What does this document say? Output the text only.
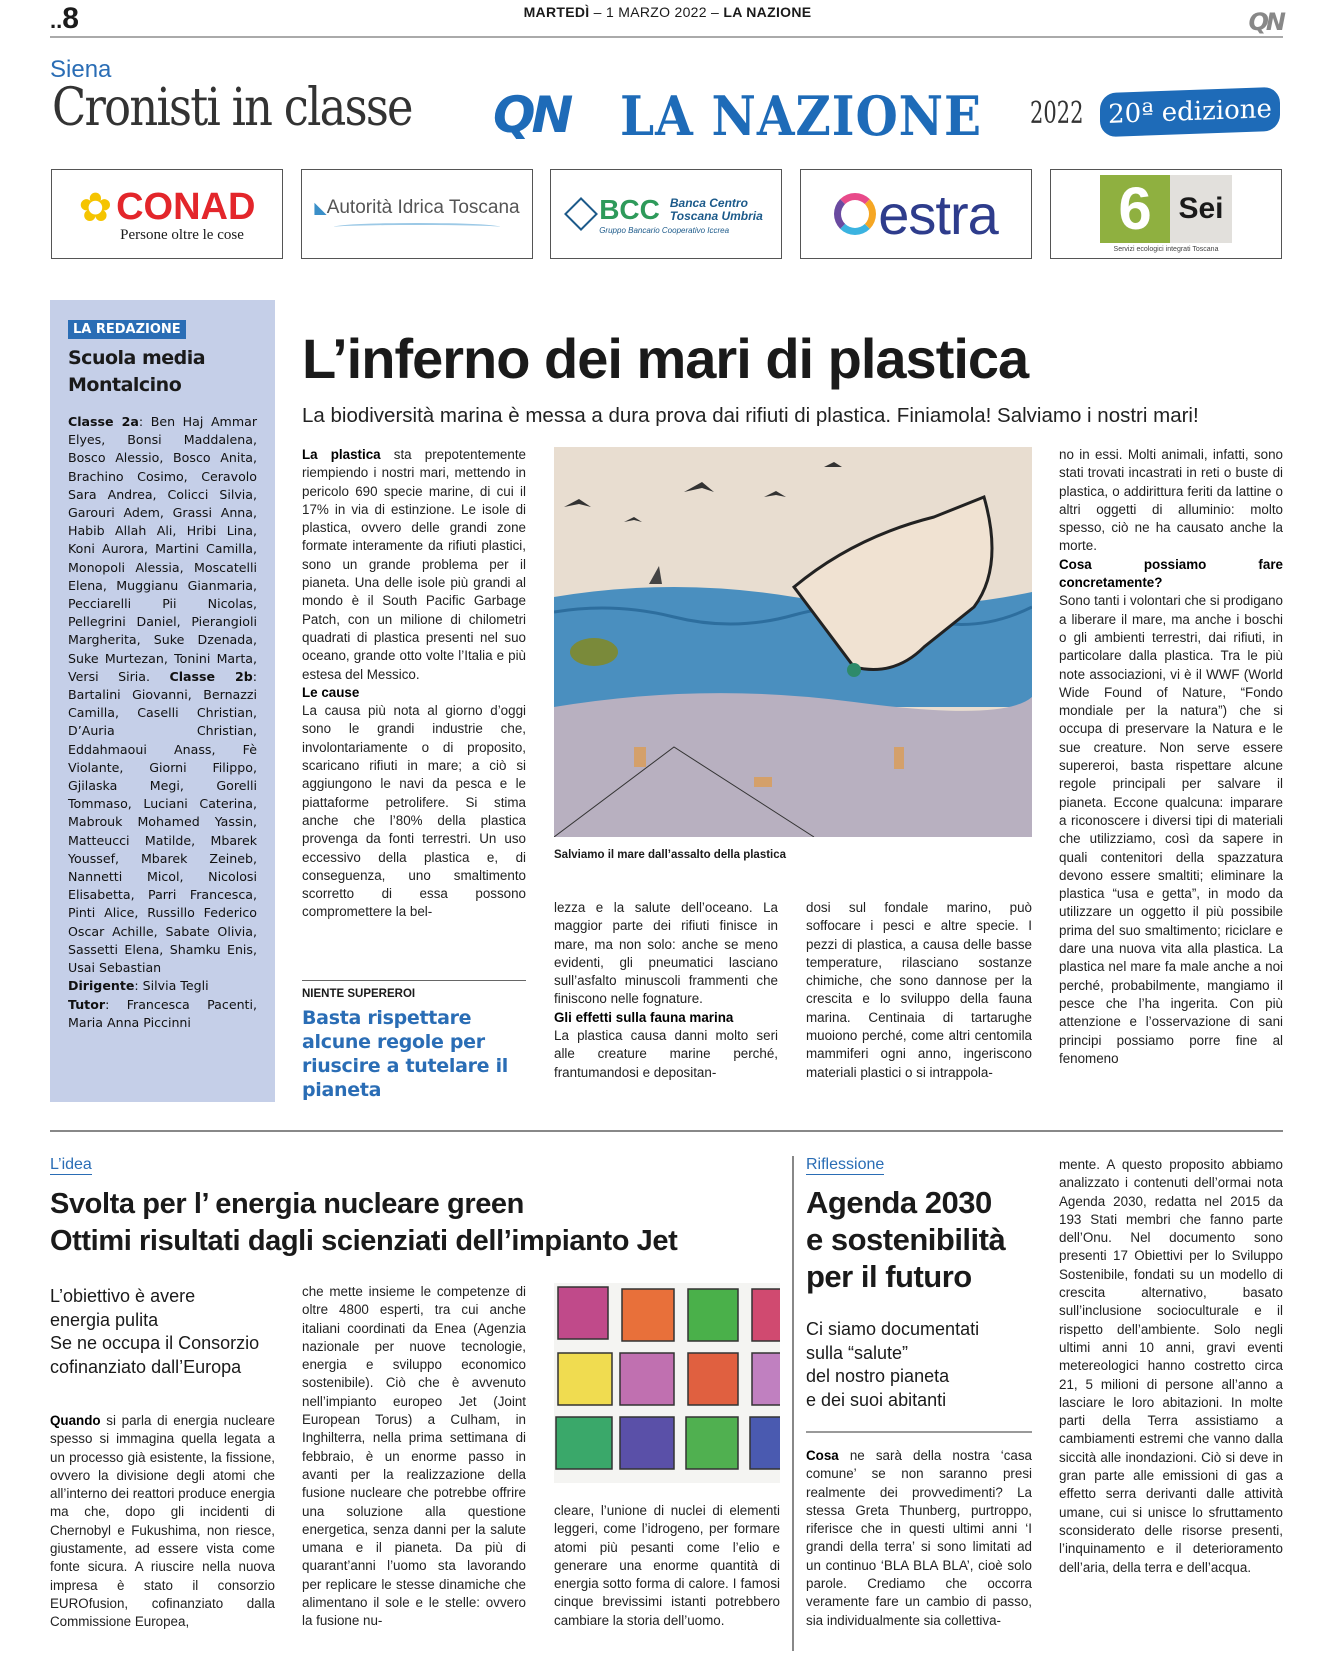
..8	MARTEDÌ – 1 MARZO 2022 – LA NAZIONE	QN
Siena
Cronisti in classe QN LA NAZIONE 2022 20ª edizione
✿ CONAD
Persone oltre le cose
◣Autorità Idrica Toscana	BCC Banca Centro
Toscana Umbria
Gruppo Bancario Cooperativo Iccrea	estra	6 Sei
Servizi ecologici integrati Toscana
LA REDAZIONE
Scuola media Montalcino
Classe 2a: Ben Haj Ammar Elyes, Bonsi Maddalena, Bosco Alessio, Bosco Anita, Brachino Cosimo, Ceravolo Sara Andrea, Colicci Silvia, Garouri Adem, Grassi Anna, Habib Allah Ali, Hribi Lina, Koni Aurora, Martini Camilla, Monopoli Alessia, Moscatelli Elena, Muggianu Gianmaria, Pecciarelli Pii Nicolas, Pellegrini Daniel, Pierangioli Margherita, Suke Dzenada, Suke Murtezan, Tonini Marta, Versi Siria. Classe 2b: Bartalini Giovanni, Bernazzi Camilla, Caselli Christian, D’Auria Christian, Eddahmaoui Anass, Fè Violante, Giorni Filippo, Gjilaska Megi, Gorelli Tommaso, Luciani Caterina, Mabrouk Mohamed Yassin, Matteucci Matilde, Mbarek Youssef, Mbarek Zeineb, Nannetti Micol, Nicolosi Elisabetta, Parri Francesca, Pinti Alice, Russillo Federico Oscar Achille, Sabate Olivia, Sassetti Elena, Shamku Enis, Usai Sebastian
Dirigente: Silvia Tegli
Tutor: Francesca Pacenti, Maria Anna Piccinni
L’inferno dei mari di plastica
La biodiversità marina è messa a dura prova dai rifiuti di plastica. Finiamola! Salviamo i nostri mari!
La plastica sta prepotentemente riempiendo i nostri mari, mettendo in pericolo 690 specie marine, di cui il 17% in via di estinzione. Le isole di plastica, ovvero delle grandi zone formate interamente da rifiuti plastici, sono un grande problema per il pianeta. Una delle isole più grandi al mondo è il South Pacific Garbage Patch, con un milione di chilometri quadrati di plastica presenti nel suo oceano, grande otto volte l’Italia e più estesa del Messico.
Le cause
La causa più nota al giorno d’oggi sono le grandi industrie che, involontariamente o di proposito, scaricano rifiuti in mare; a ciò si aggiungono le navi da pesca e le piattaforme petrolifere. Si stima anche che l’80% della plastica provenga da fonti terrestri. Un uso eccessivo della plastica e, di conseguenza, uno smaltimento scorretto di essa possono compromettere la bel-
NIENTE SUPEREROI
Basta rispettare alcune regole per riuscire a tutelare il pianeta
Salviamo il mare dall’assalto della plastica
lezza e la salute dell’oceano. La maggior parte dei rifiuti finisce in mare, ma non solo: anche se meno evidenti, gli pneumatici lasciano sull’asfalto minuscoli frammenti che finiscono nelle fognature.
Gli effetti sulla fauna marina
La plastica causa danni molto seri alle creature marine perché, frantumandosi e depositan-
dosi sul fondale marino, può soffocare i pesci e altre specie. I pezzi di plastica, a causa delle basse temperature, rilasciano sostanze chimiche, che sono dannose per la crescita e lo sviluppo della fauna marina. Centinaia di tartarughe muoiono perché, come altri centomila mammiferi ogni anno, ingeriscono materiali plastici o si intrappola-
no in essi. Molti animali, infatti, sono stati trovati incastrati in reti o buste di plastica, o addirittura feriti da lattine o altri oggetti di alluminio: molto spesso, ciò ne ha causato anche la morte.
Cosa possiamo fare concretamente?
Sono tanti i volontari che si prodigano a liberare il mare, ma anche i boschi o gli ambienti terrestri, dai rifiuti, in particolare dalla plastica. Tra le più note associazioni, vi è il WWF (World Wide Found of Nature, “Fondo mondiale per la natura”) che si occupa di preservare la Natura e le sue creature. Non serve essere supereroi, basta rispettare alcune regole principali per salvare il pianeta. Eccone qualcuna: imparare a riconoscere i diversi tipi di materiali che utilizziamo, così da sapere in quali contenitori della spazzatura devono essere smaltiti; eliminare la plastica “usa e getta”, in modo da utilizzare un oggetto il più possibile prima del suo smaltimento; riciclare e dare una nuova vita alla plastica. La plastica nel mare fa male anche a noi perché, probabilmente, mangiamo il pesce che l’ha ingerita. Con più attenzione e l’osservazione di sani principi possiamo porre fine al fenomeno
L’idea
Svolta per l’ energia nucleare green
Ottimi risultati dagli scienziati dell’impianto Jet
L’obiettivo è avere
energia pulita
Se ne occupa il Consorzio
cofinanziato dall’Europa
Quando si parla di energia nucleare spesso si immagina quella legata a un processo già esistente, la fissione, ovvero la divisione degli atomi che all’interno dei reattori produce energia ma che, dopo gli incidenti di Chernobyl e Fukushima, non riesce, giustamente, ad essere vista come fonte sicura. A riuscire nella nuova impresa è stato il consorzio EUROfusion, cofinanziato dalla Commissione Europea,
che mette insieme le competenze di oltre 4800 esperti, tra cui anche italiani coordinati da Enea (Agenzia nazionale per nuove tecnologie, energia e sviluppo economico sostenibile). Ciò che è avvenuto nell’impianto europeo Jet (Joint European Torus) a Culham, in Inghilterra, nella prima settimana di febbraio, è un enorme passo in avanti per la realizzazione della fusione nucleare che potrebbe offrire una soluzione alla questione energetica, senza danni per la salute umana e il pianeta. Da più di quarant’anni l’uomo sta lavorando per replicare le stesse dinamiche che alimentano il sole e le stelle: ovvero la fusione nu-
cleare, l’unione di nuclei di elementi leggeri, come l’idrogeno, per formare atomi più pesanti come l’elio e generare una enorme quantità di energia sotto forma di calore. I famosi cinque brevissimi istanti potrebbero cambiare la storia dell’uomo.
Riflessione
Agenda 2030
e sostenibilità
per il futuro
Ci siamo documentati
sulla “salute”
del nostro pianeta
e dei suoi abitanti
Cosa ne sarà della nostra ‘casa comune’ se non saranno presi realmente dei provvedimenti? La stessa Greta Thunberg, purtroppo, riferisce che in questi ultimi anni ‘I grandi della terra’ si sono limitati ad un continuo ‘BLA BLA BLA’, cioè solo parole. Crediamo che occorra veramente fare un cambio di passo, sia individualmente sia collettiva-
mente. A questo proposito abbiamo analizzato i contenuti dell’ormai nota Agenda 2030, redatta nel 2015 da 193 Stati membri che fanno parte dell’Onu. Nel documento sono presenti 17 Obiettivi per lo Sviluppo Sostenibile, fondati su un modello di crescita alternativo, basato sull’inclusione socioculturale e il rispetto dell’ambiente. Solo negli ultimi anni 10 anni, gravi eventi metereologici hanno costretto circa 21, 5 milioni di persone all’anno a lasciare le loro abitazioni. In molte parti della Terra assistiamo a cambiamenti estremi che vanno dalla siccità alle inondazioni. Ciò si deve in gran parte alle emissioni di gas a effetto serra derivanti dalle attività umane, cui si unisce lo sfruttamento sconsiderato delle risorse presenti, l’inquinamento e il deterioramento dell’aria, della terra e dell’acqua.
